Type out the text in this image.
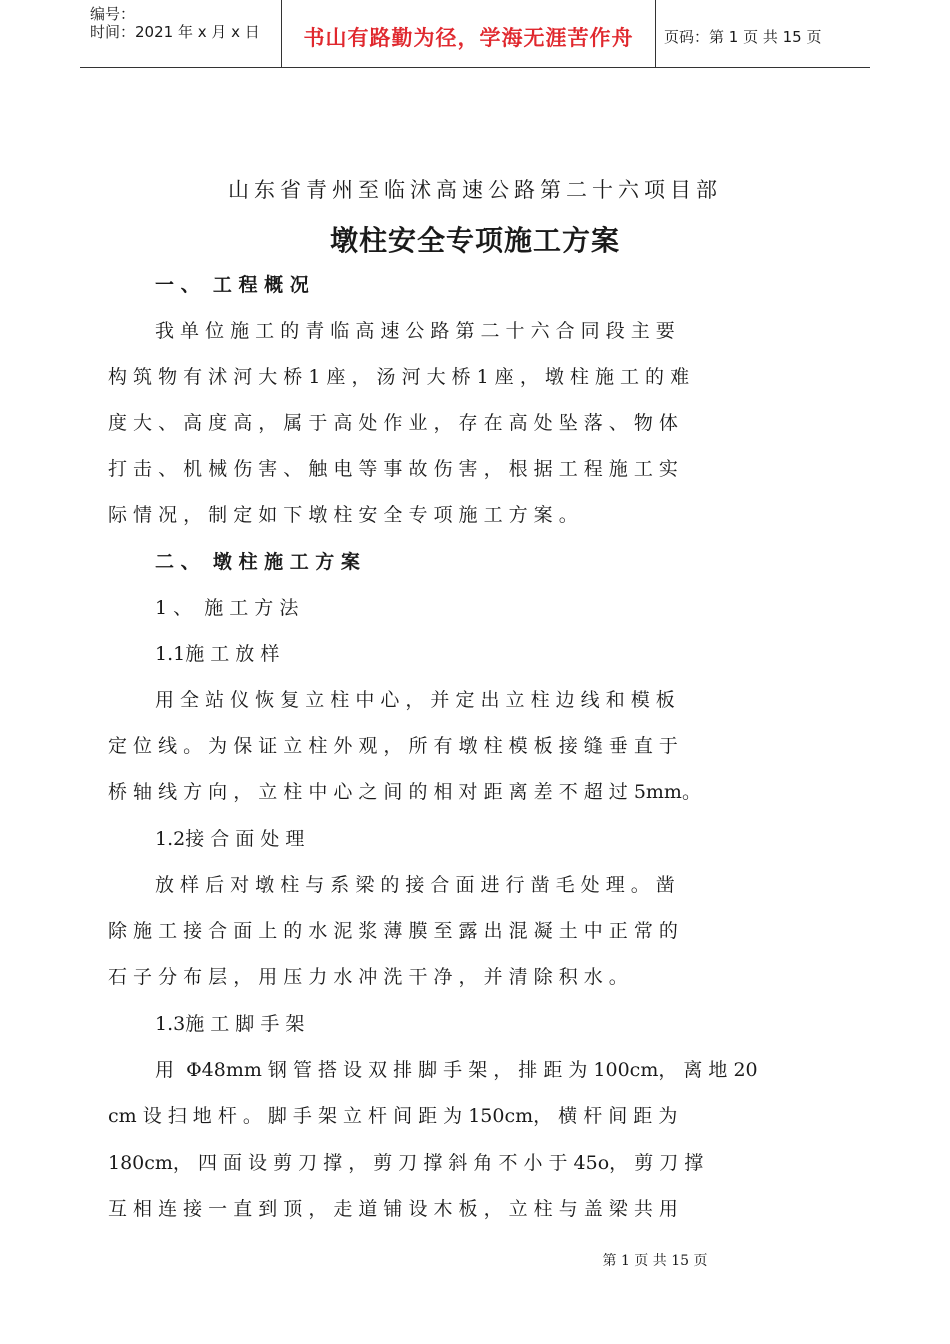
编号：
时间：2021 年 x 月 x 日	书山有路勤为径，学海无涯苦作舟	页码：第 1 页 共 15 页
山东省青州至临沭高速公路第二十六项目部
墩柱安全专项施工方案
一 、  工 程 概 况
我 单 位 施 工 的 青 临 高 速 公 路 第 二 十 六 合 同 段 主 要
构 筑 物 有 沭 河 大 桥 1 座 ， 汤 河 大 桥 1 座 ， 墩 柱 施 工 的 难
度 大 、 高 度 高 ， 属 于 高 处 作 业 ， 存 在 高 处 坠 落 、 物 体
打 击 、 机 械 伤 害 、 触 电 等 事 故 伤 害 ， 根 据 工 程 施 工 实
际 情 况 ， 制 定 如 下 墩 柱 安 全 专 项 施 工 方 案 。
二 、  墩 柱 施 工 方 案
1 、  施 工 方 法
1.1施 工 放 样
用 全 站 仪 恢 复 立 柱 中 心 ， 并 定 出 立 柱 边 线 和 模 板
定 位 线 。 为 保 证 立 柱 外 观 ， 所 有 墩 柱 模 板 接 缝 垂 直 于
桥 轴 线 方 向 ， 立 柱 中 心 之 间 的 相 对 距 离 差 不 超 过 5mm。
1.2接 合 面 处 理
放 样 后 对 墩 柱 与 系 梁 的 接 合 面 进 行 凿 毛 处 理 。 凿
除 施 工 接 合 面 上 的 水 泥 浆 薄 膜 至 露 出 混 凝 土 中 正 常 的
石 子 分 布 层 ， 用 压 力 水 冲 洗 干 净 ， 并 清 除 积 水 。
1.3施 工 脚 手 架
用  Φ48mm 钢 管 搭 设 双 排 脚 手 架 ， 排 距 为 100cm， 离 地 20
cm 设 扫 地 杆 。 脚 手 架 立 杆 间 距 为 150cm， 横 杆 间 距 为
180cm， 四 面 设 剪 刀 撑 ， 剪 刀 撑 斜 角 不 小 于 45o， 剪 刀 撑
互 相 连 接 一 直 到 顶 ， 走 道 铺 设 木 板 ， 立 柱 与 盖 梁 共 用
第 1 页 共 15 页
